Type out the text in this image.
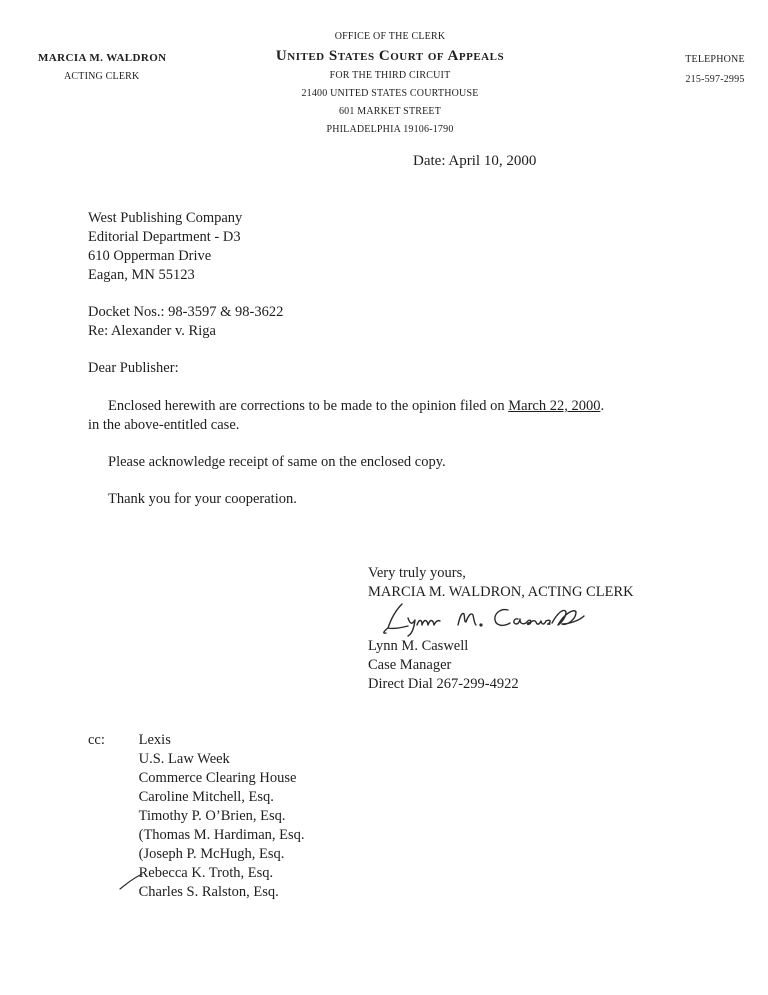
MARCIA M. WALDRON
ACTING CLERK
OFFICE OF THE CLERK
United States Court of Appeals
FOR THE THIRD CIRCUIT
21400 UNITED STATES COURTHOUSE
601 MARKET STREET
PHILADELPHIA 19106-1790
TELEPHONE
215-597-2995
Date: April 10, 2000
West Publishing Company
Editorial Department - D3
610 Opperman Drive
Eagan, MN 55123
Docket Nos.: 98-3597 & 98-3622
Re: Alexander v. Riga
Dear Publisher:
Enclosed herewith are corrections to be made to the opinion filed on March 22, 2000.
in the above-entitled case.
Please acknowledge receipt of same on the enclosed copy.
Thank you for your cooperation.
Very truly yours,
MARCIA M. WALDRON, ACTING CLERK
Lynn M. Caswell
Case Manager
Direct Dial 267-299-4922
cc: Lexis
U.S. Law Week
Commerce Clearing House
Caroline Mitchell, Esq.
Timothy P. O’Brien, Esq.
(Thomas M. Hardiman, Esq.
(Joseph P. McHugh, Esq.
Rebecca K. Troth, Esq.
Charles S. Ralston, Esq.
